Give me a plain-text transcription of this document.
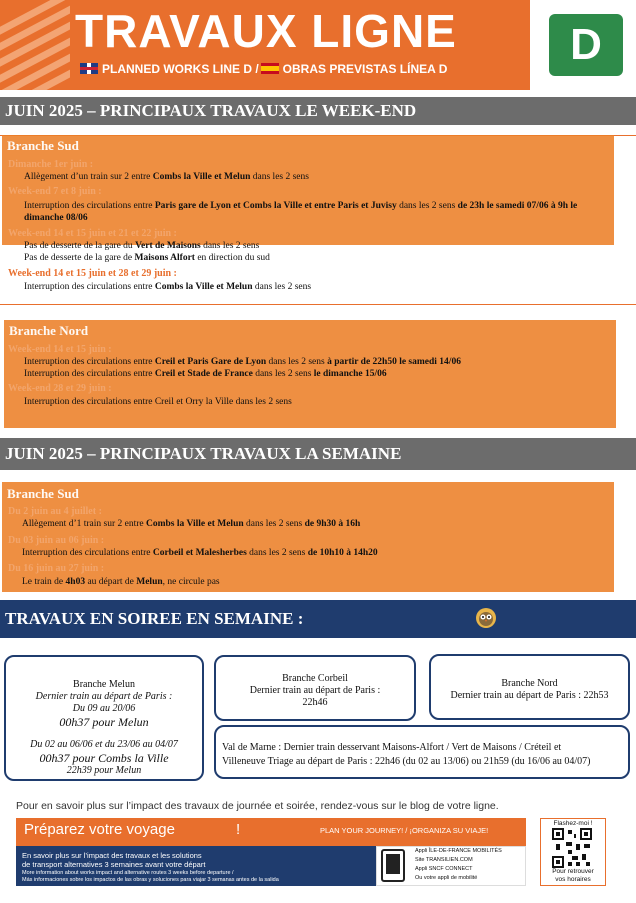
TRAVAUX LIGNE
PLANNED WORKS LINE D / OBRAS PREVISTAS LÍNEA D	D
JUIN 2025 – PRINCIPAUX TRAVAUX LE WEEK-END
Branche Sud
Dimanche 1er juin :
Allègement d’un train sur 2 entre Combs la Ville et Melun dans les 2 sens
Week-end 7 et 8 juin :
Interruption des circulations entre Paris gare de Lyon et Combs la Ville et entre Paris et Juvisy dans les 2 sens de 23h le samedi 07/06 à 9h le
dimanche 08/06
Week-end 14 et 15 juin et 21 et 22 juin :
Pas de desserte de la gare du Vert de Maisons dans les 2 sens
Pas de desserte de la gare de Maisons Alfort en direction du sud
Week-end 14 et 15 juin et 28 et 29 juin :
Interruption des circulations entre Combs la Ville et Melun dans les 2 sens
Branche Nord
Week-end 14 et 15 juin :
Interruption des circulations entre Creil et Paris Gare de Lyon dans les 2 sens à partir de 22h50 le samedi 14/06
Interruption des circulations entre Creil et Stade de France dans les 2 sens le dimanche 15/06
Week-end 28 et 29 juin :
Interruption des circulations entre Creil et Orry la Ville dans les 2 sens
JUIN 2025 – PRINCIPAUX TRAVAUX LA SEMAINE
Branche Sud
Du 2 juin au 4 juillet :
Allègement d’1 train sur 2 entre Combs la Ville et Melun dans les 2 sens de 9h30 à 16h
Du 03 juin au 06 juin :
Interruption des circulations entre Corbeil et Malesherbes dans les 2 sens de 10h10 à 14h20
Du 16 juin au 27 juin :
Le train de 4h03 au départ de Melun, ne circule pas
TRAVAUX EN SOIREE EN SEMAINE :
Branche Melun
Dernier train au départ de Paris :
Du 09 au 20/06
00h37 pour Melun
Du 02 au 06/06 et du 23/06 au 04/07
00h37 pour Combs la Ville
22h39 pour Melun
Branche Corbeil
Dernier train au départ de Paris :
22h46
Branche Nord
Dernier train au départ de Paris : 22h53
Val de Marne : Dernier train desservant Maisons-Alfort / Vert de Maisons / Créteil et
Villeneuve Triage au départ de Paris : 22h46 (du 02 au 13/06) ou 21h59 (du 16/06 au 04/07)
Pour en savoir plus sur l’impact des travaux de journée et soirée, rendez-vous sur le blog de votre ligne.
Préparez votre voyage	!	PLAN YOUR JOURNEY! / ¡ORGANIZA SU VIAJE!
En savoir plus sur l’impact des travaux et les solutions
de transport alternatives 3 semaines avant votre départ
More information about works impact and alternative routes 3 weeks before departure /
Más informaciones sobre los impactos de las obras y soluciones para viajar 3 semanas antes de la salida
Appli ÎLE-DE-FRANCE MOBILITÉS
Site TRANSILIEN.COM
Appli SNCF CONNECT
Ou votre appli de mobilité
Flashez-moi !
Pour retrouver
vos horaires
